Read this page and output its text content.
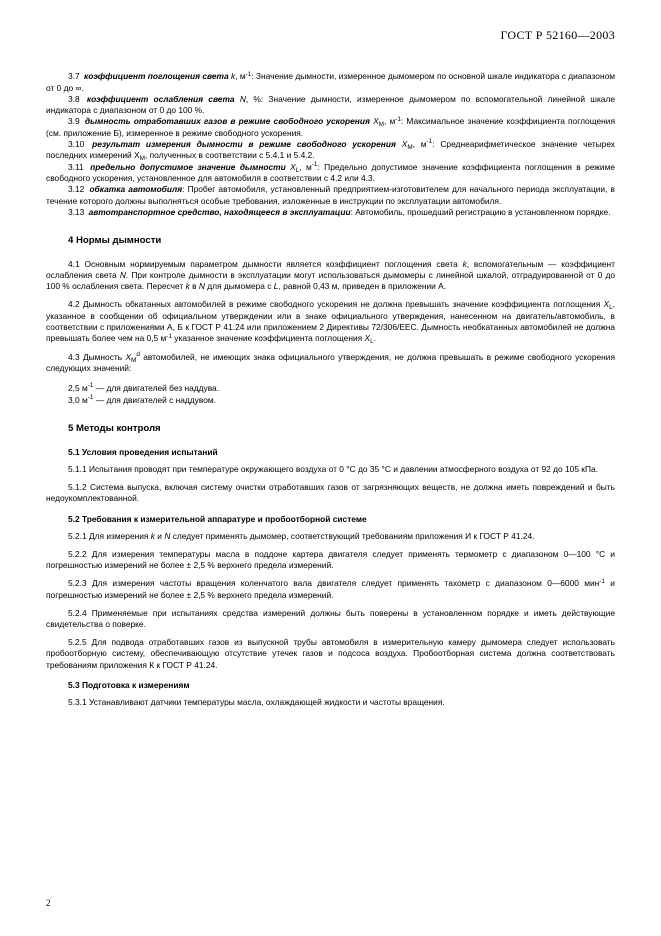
ГОСТ Р 52160—2003

3.7 коэффициент поглощения света k, $м^{-1}$: Значение дымности, измеренное дымомером по основной шкале индикатора с диапазоном от 0 до ∞.

3.8 коэффициент ослабления света N, %: Значение дымности, измеренное дымомером по вспомогательной линейной шкале индикатора с диапазоном от 0 до 100 %.

3.9 дымность отработавших газов в режиме свободного ускорения $X_M$, $м^{-1}$: Максимальное значение коэффициента поглощения (см. приложение Б), измеренное в режиме свободного ускорения.

3.10 результат измерения дымности в режиме свободного ускорения $X_M$, $м^{-1}$: Среднеарифметическое значение четырех последних измерений $X_M$, полученных в соответствии с 5.4.1 и 5.4.2.

3.11 предельно допустимое значение дымности $X_L$, $м^{-1}$: Предельно допустимое значение коэффициента поглощения в режиме свободного ускорения, установленное для автомобиля в соответствии с 4.2 или 4.3.

3.12 обкатка автомобиля: Пробег автомобиля, установленный предприятием-изготовителем для начального периода эксплуатации, в течение которого должны выполняться особые требования, изложенные в инструкции по эксплуатации автомобиля.

3.13 автотранспортное средство, находящееся в эксплуатации: Автомобиль, прошедший регистрацию в установленном порядке.

4 Нормы дымности

4.1 Основным нормируемым параметром дымности является коэффициент поглощения света k, вспомогательным — коэффициент ослабления света N. При контроле дымности в эксплуатации могут использоваться дымомеры с линейной шкалой, отградуированной от 0 до 100 % ослабления света. Пересчет k в N для дымомера с L, равной 0,43 м, приведен в приложении А.

4.2 Дымность обкатанных автомобилей в режиме свободного ускорения не должна превышать значение коэффициента поглощения $X_L$, указанное в сообщении об официальном утверждении или в знаке официального утверждения, нанесенном на двигатель/автомобиль, в соответствии с приложениями А, Б к ГОСТ Р 41.24 или приложением 2 Директивы 72/306/ЕЕС. Дымность необкатанных автомобилей не должна превышать более чем на 0,5 $м^{-1}$ указанное значение коэффициента поглощения $X_L$.

4.3 Дымность $X_M^d$ автомобилей, не имеющих знака официального утверждения, не должна превышать в режиме свободного ускорения следующих значений:

2,5 $м^{-1}$ — для двигателей без наддува.
3,0 $м^{-1}$ — для двигателей с наддувом.
5 Методы контроля
5.1 Условия проведения испытаний

5.1.1 Испытания проводят при температуре окружающего воздуха от 0 °С до 35 °С и давлении атмосферного воздуха от 92 до 105 кПа.

5.1.2 Система выпуска, включая систему очистки отработавших газов от загрязняющих веществ, не должна иметь повреждений и быть недоукомплектованной.

5.2 Требования к измерительной аппаратуре и пробоотборной системе

5.2.1 Для измерения k и N следует применять дымомер, соответствующий требованиям приложения И к ГОСТ Р 41.24.

5.2.2 Для измерения температуры масла в поддоне картера двигателя следует применять термометр с диапазоном 0—100 °С и погрешностью измерений не более ± 2,5 % верхнего предела измерений.

5.2.3 Для измерения частоты вращения коленчатого вала двигателя следует применять тахометр с диапазоном 0—6000 мин$^{-1}$ и погрешностью измерений не более ± 2,5 % верхнего предела измерений.

5.2.4 Применяемые при испытаниях средства измерений должны быть поверены в установленном порядке и иметь действующие свидетельства о поверке.

5.2.5 Для подвода отработавших газов из выпускной трубы автомобиля в измерительную камеру дымомера следует использовать пробоотборную систему, обеспечивающую отсутствие утечек газов и подсоса воздуха. Пробоотборная система должна соответствовать требованиям приложения К к ГОСТ Р 41.24.

5.3 Подготовка к измерениям

5.3.1 Устанавливают датчики температуры масла, охлаждающей жидкости и частоты вращения.

2
